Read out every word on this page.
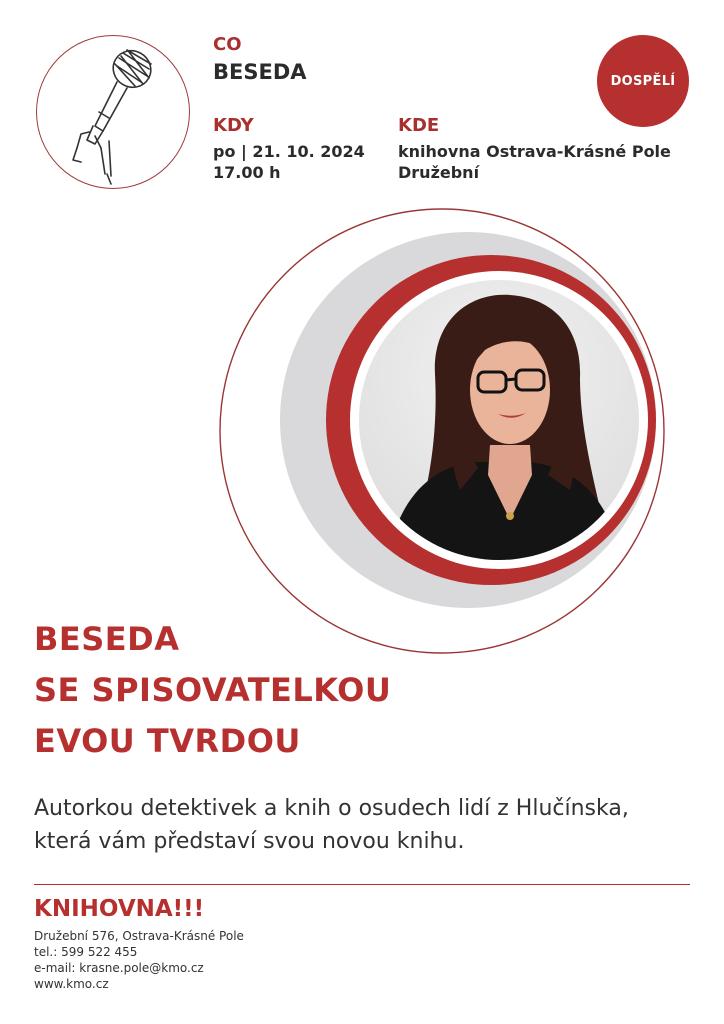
CO
BESEDA
KDY
po | 21. 10. 2024
17.00 h
KDE
knihovna Ostrava-Krásné Pole
Družební
DOSPĚLÍ
BESEDA
SE SPISOVATELKOU
EVOU TVRDOU
Autorkou detektivek a knih o osudech lidí z Hlučínska,
která vám představí svou novou knihu.
KNIHOVNA!!!
Družební 576, Ostrava-Krásné Pole
tel.: 599 522 455
e-mail: krasne.pole@kmo.cz
www.kmo.cz
